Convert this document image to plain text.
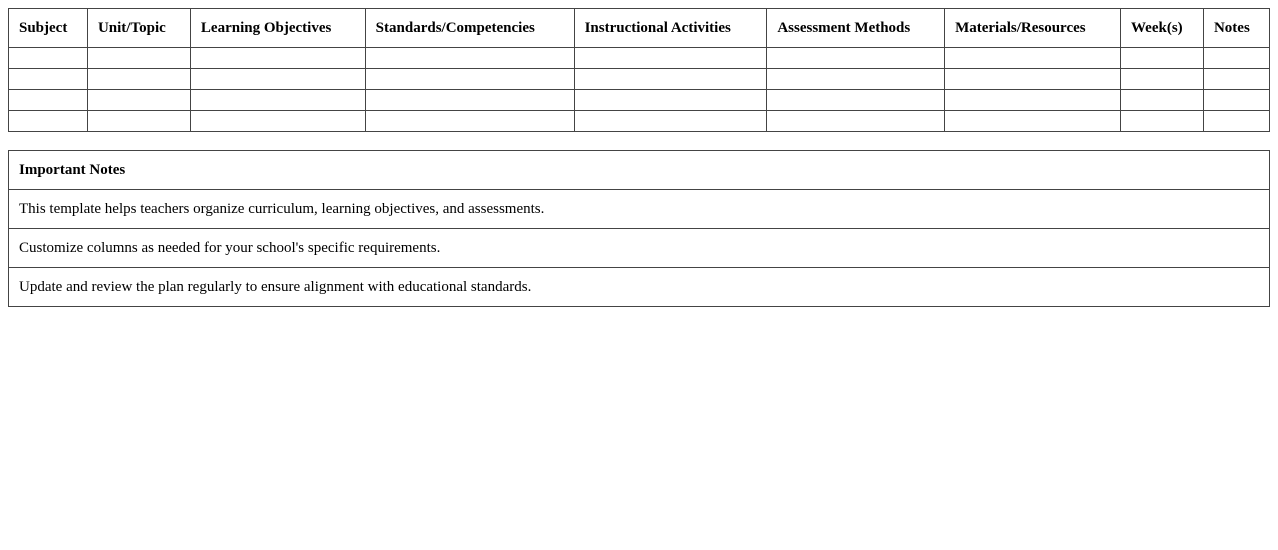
Subject	Unit/Topic	Learning Objectives	Standards/Competencies	Instructional Activities	Assessment Methods	Materials/Resources	Week(s)	Notes

Important Notes
This template helps teachers organize curriculum, learning objectives, and assessments.
Customize columns as needed for your school's specific requirements.
Update and review the plan regularly to ensure alignment with educational standards.
